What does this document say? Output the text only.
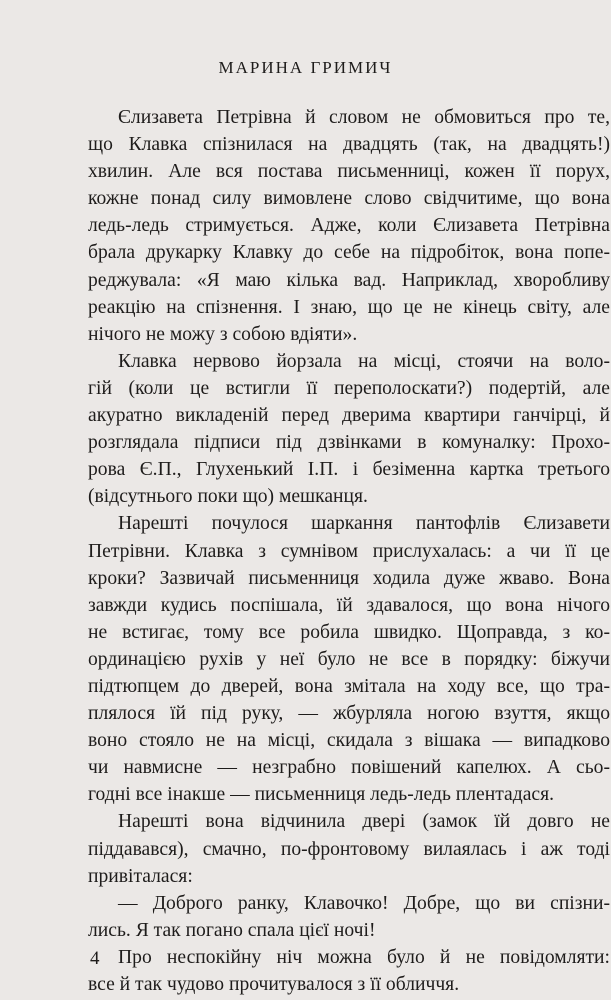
МАРИНА ГРИМИЧ
Єлизавета Петрівна й словом не обмовиться про те,
що Клавка спізнилася на двадцять (так, на двадцять!)
хвилин. Але вся постава письменниці, кожен її порух,
кожне понад силу вимовлене слово свідчитиме, що вона
ледь-ледь стримується. Адже, коли Єлизавета Петрівна
брала друкарку Клавку до себе на підробіток, вона попе-
реджувала: «Я маю кілька вад. Наприклад, хворобливу
реакцію на спізнення. І знаю, що це не кінець світу, але
нічого не можу з собою вдіяти».
Клавка нервово йорзала на місці, стоячи на воло-
гій (коли це встигли її переполоскати?) подертій, але
акуратно викладеній перед дверима квартири ганчірці, й
розглядала підписи під дзвінками в комуналку: Прохо-
рова Є.П., Глухенький І.П. і безіменна картка третього
(відсутнього поки що) мешканця.
Нарешті почулося шаркання пантофлів Єлизавети
Петрівни. Клавка з сумнівом прислухалась: а чи її це
кроки? Зазвичай письменниця ходила дуже жваво. Вона
завжди кудись поспішала, їй здавалося, що вона нічого
не встигає, тому все робила швидко. Щоправда, з ко-
ординацією рухів у неї було не все в порядку: біжучи
підтюпцем до дверей, вона змітала на ходу все, що тра-
плялося їй під руку, — жбурляла ногою взуття, якщо
воно стояло не на місці, скидала з вішака — випадково
чи навмисне — незграбно повішений капелюх. А сьо-
годні все інакше — письменниця ледь-ледь плентадася.
Нарешті вона відчинила двері (замок їй довго не
піддавався), смачно, по-фронтовому вилаялась і аж тоді
привіталася:
— Доброго ранку, Клавочко! Добре, що ви спізни-
лись. Я так погано спала цієї ночі!
Про неспокійну ніч можна було й не повідомляти:
все й так чудово прочитувалося з її обличчя.
4
